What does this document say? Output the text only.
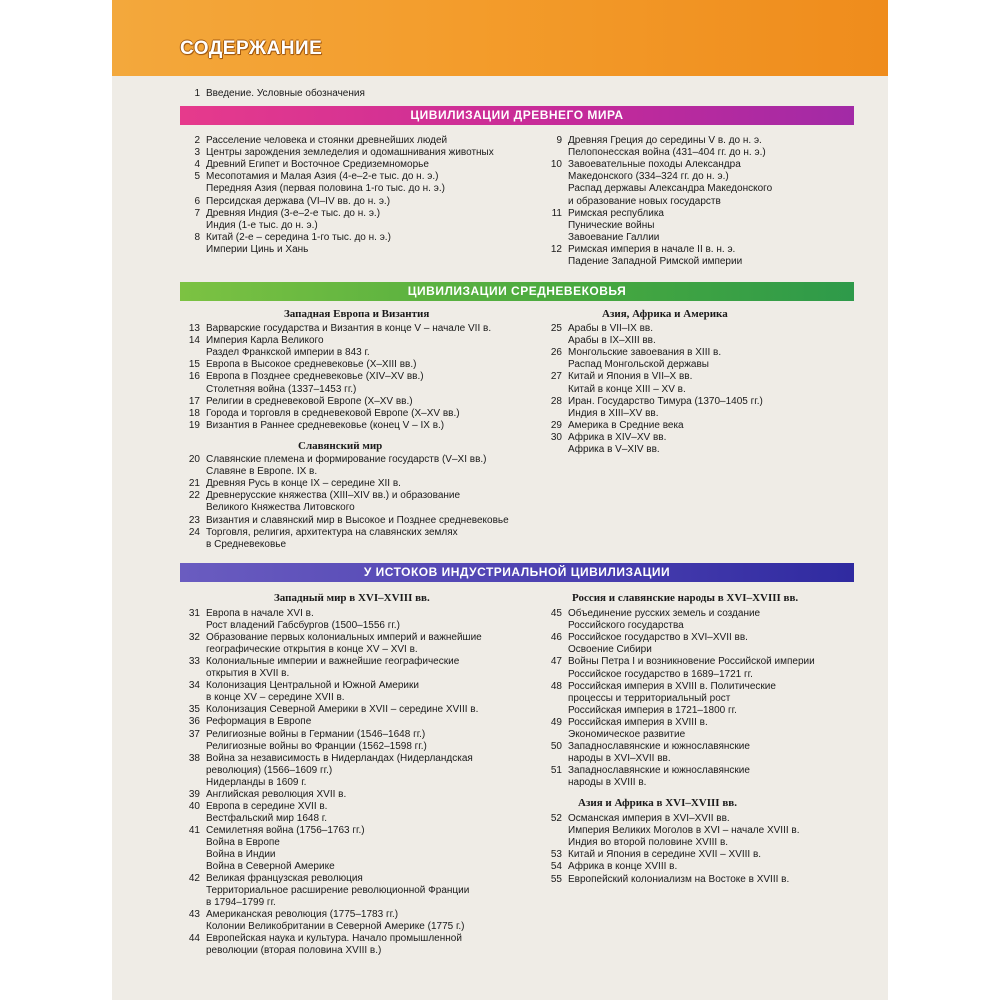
СОДЕРЖАНИЕ
1 Введение. Условные обозначения
ЦИВИЛИЗАЦИИ ДРЕВНЕГО МИРА
ЦИВИЛИЗАЦИИ СРЕДНЕВЕКОВЬЯ
У ИСТОКОВ ИНДУСТРИАЛЬНОЙ ЦИВИЛИЗАЦИИ
Западная Европа и Византия	Азия, Африка и Америка
Славянский мир
Западный мир в XVI–XVIII вв.	Россия и славянские народы в XVI–XVIII вв.
Азия и Африка в XVI–XVIII вв.
2 Расселение человека и стоянки древнейших людей
3 Центры зарождения земледелия и одомашнивания животных
4 Древний Египет и Восточное Средиземноморье
5 Месопотамия и Малая Азия (4-е–2-е тыс. до н. э.)
Передняя Азия (первая половина 1-го тыс. до н. э.)
6 Персидская держава (VI–IV вв. до н. э.)
7 Древняя Индия (3-е–2-е тыс. до н. э.)
Индия (1-е тыс. до н. э.)
8 Китай (2-е – середина 1-го тыс. до н. э.)
Империи Цинь и Хань
9 Древняя Греция до середины V в. до н. э.
Пелопонесская война (431–404 гг. до н. э.)
10 Завоевательные походы Александра
Македонского (334–324 гг. до н. э.)
Распад державы Александра Македонского
и образование новых государств
11 Римская республика
Пунические войны
Завоевание Галлии
12 Римская империя в начале II в. н. э.
Падение Западной Римской империи
13 Варварские государства и Византия в конце V – начале VII в.
14 Империя Карла Великого
Раздел Франкской империи в 843 г.
15 Европа в Высокое средневековье (X–XIII вв.)
16 Европа в Позднее средневековье (XIV–XV вв.)
Столетняя война (1337–1453 гг.)
17 Религии в средневековой Европе (X–XV вв.)
18 Города и торговля в средневековой Европе (X–XV вв.)
19 Византия в Раннее средневековье (конец V – IX в.)
20 Славянские племена и формирование государств (V–XI вв.)
Славяне в Европе. IX в.
21 Древняя Русь в конце IX – середине XII в.
22 Древнерусские княжества (XIII–XIV вв.) и образование
Великого Княжества Литовского
23 Византия и славянский мир в Высокое и Позднее средневековье
24 Торговля, религия, архитектура на славянских землях
в Средневековье
25 Арабы в VII–IX вв.
Арабы в IX–XIII вв.
26 Монгольские завоевания в XIII в.
Распад Монгольской державы
27 Китай и Япония в VII–X вв.
Китай в конце XIII – XV в.
28 Иран. Государство Тимура (1370–1405 гг.)
Индия в XIII–XV вв.
29 Америка в Средние века
30 Африка в XIV–XV вв.
Африка в V–XIV вв.
31 Европа в начале XVI в.
Рост владений Габсбургов (1500–1556 гг.)
32 Образование первых колониальных империй и важнейшие
географические открытия в конце XV – XVI в.
33 Колониальные империи и важнейшие географические
открытия в XVII в.
34 Колонизация Центральной и Южной Америки
в конце XV – середине XVII в.
35 Колонизация Северной Америки в XVII – середине XVIII в.
36 Реформация в Европе
37 Религиозные войны в Германии (1546–1648 гг.)
Религиозные войны во Франции (1562–1598 гг.)
38 Война за независимость в Нидерландах (Нидерландская
революция) (1566–1609 гг.)
Нидерланды в 1609 г.
39 Английская революция XVII в.
40 Европа в середине XVII в.
Вестфальский мир 1648 г.
41 Семилетняя война (1756–1763 гг.)
Война в Европе
Война в Индии
Война в Северной Америке
42 Великая французская революция
Территориальное расширение революционной Франции
в 1794–1799 гг.
43 Американская революция (1775–1783 гг.)
Колонии Великобритании в Северной Америке (1775 г.)
44 Европейская наука и культура. Начало промышленной
революции (вторая половина XVIII в.)
45 Объединение русских земель и создание
Российского государства
46 Российское государство в XVI–XVII вв.
Освоение Сибири
47 Войны Петра I и возникновение Российской империи
Российское государство в 1689–1721 гг.
48 Российская империя в XVIII в. Политические
процессы и территориальный рост
Российская империя в 1721–1800 гг.
49 Российская империя в XVIII в.
Экономическое развитие
50 Западнославянские и южнославянские
народы в XVI–XVII вв.
51 Западнославянские и южнославянские
народы в XVIII в.
52 Османская империя в XVI–XVII вв.
Империя Великих Моголов в XVI – начале XVIII в.
Индия во второй половине XVIII в.
53 Китай и Япония в середине XVII – XVIII в.
54 Африка в конце XVIII в.
55 Европейский колониализм на Востоке в XVIII в.
